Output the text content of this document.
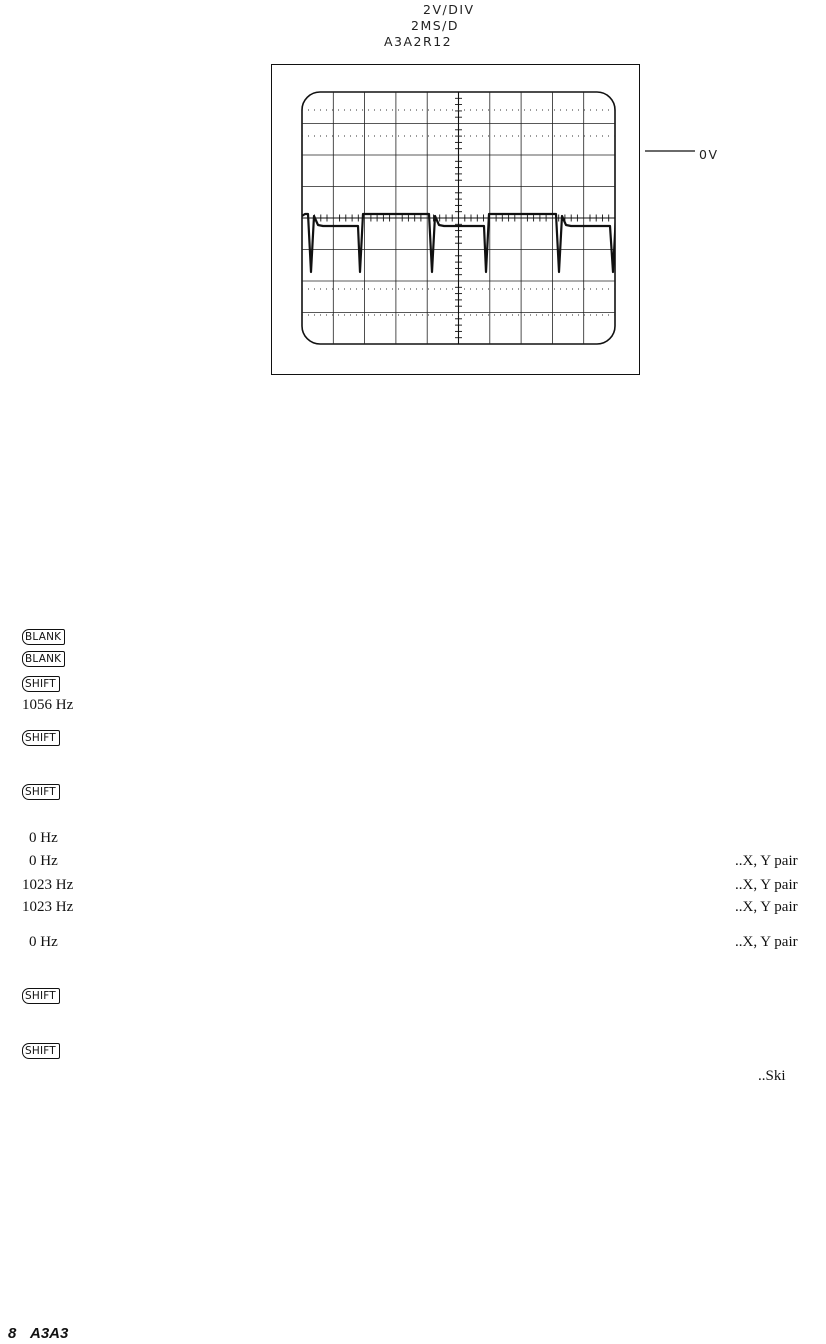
2V/DIV
2MS/D
A3A2R12
0V
BLANK
BLANK
SHIFT
1056 Hz
SHIFT
SHIFT
0 Hz
0 Hz
1023 Hz
1023 Hz
0 Hz
SHIFT
SHIFT
..X, Y pair
..X, Y pair
..X, Y pair
..X, Y pair
..Ski
8 A3A3
